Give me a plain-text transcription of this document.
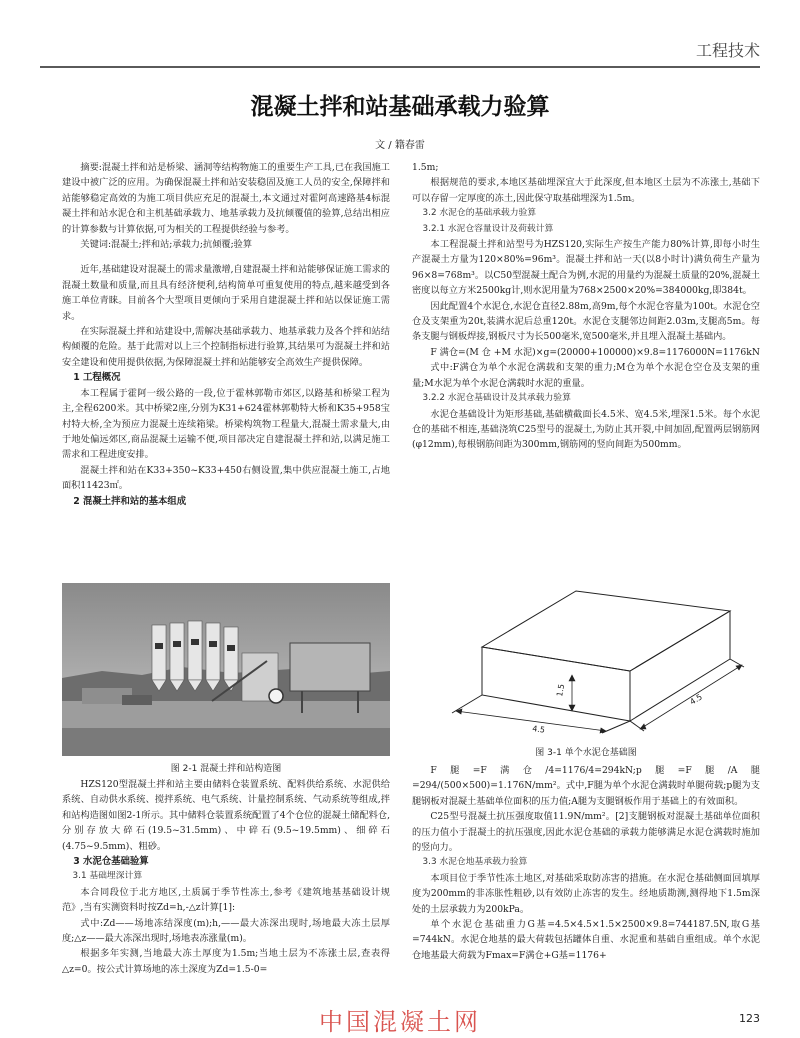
工程技术
混凝土拌和站基础承载力验算
文 / 籍春雷

摘要:混凝土拌和站是桥梁、涵洞等结构物施工的重要生产工具,已在我国施工建设中被广泛的应用。为确保混凝土拌和站安装稳固及施工人员的安全,保障拌和站能够稳定高效的为施工项目供应充足的混凝土,本文通过对霍阿高速路基4标混凝土拌和站水泥仓和主机基础承载力、地基承载力及抗倾覆值的验算,总结出相应的计算参数与计算依据,可为相关的工程提供经验与参考。

关键词:混凝土;拌和站;承载力;抗倾覆;验算

近年,基础建设对混凝土的需求量激增,自建混凝土拌和站能够保证施工需求的混凝土数量和质量,而且具有经济便利,结构简单可重复使用的特点,越来越受到各施工单位青睐。目前各个大型项目更倾向于采用自建混凝土拌和站以保证施工需求。

在实际混凝土拌和站建设中,需解决基础承载力、地基承载力及各个拌和站结构倾覆的危险。基于此需对以上三个控制指标进行验算,其结果可为混凝土拌和站安全建设和使用提供依据,为保障混凝土拌和站能够安全高效生产提供保障。

1 工程概况

本工程属于霍阿一级公路的一段,位于霍林郭勒市郊区,以路基和桥梁工程为主,全程6200米。其中桥梁2座,分别为K31+624霍林郭勒特大桥和K35+958宝村特大桥,全为预应力混凝土连续箱梁。桥梁构筑物工程量大,混凝土需求量大,由于地处偏远郊区,商品混凝土运输不便,项目部决定自建混凝土拌和站,以满足施工需求和工程进度安排。

混凝土拌和站在K33+350~K33+450右侧设置,集中供应混凝土施工,占地面积11423㎡。

2 混凝土拌和站的基本组成

图 2-1 混凝土拌和站构造图

HZS120型混凝土拌和站主要由储料仓装置系统、配料供给系统、水泥供给系统、自动供水系统、搅拌系统、电气系统、计量控制系统、气动系统等组成,拌和站构造图如图2-1所示。其中储料仓装置系统配置了4个仓位的混凝土储配料仓,分别存放大碎石(19.5~31.5mm)、中碎石(9.5~19.5mm)、细碎石(4.75~9.5mm)、粗砂。

3 水泥仓基础验算

3.1 基础埋深计算

本合同段位于北方地区,土质属于季节性冻土,参考《建筑地基基础设计规范》,当有实测资料时按Zd=h,-△z计算[1]:

式中:Zd——场地冻结深度(m);h,——最大冻深出现时,场地最大冻土层厚度;△z——最大冻深出现时,场地表冻涨量(m)。

根据多年实测,当地最大冻土厚度为1.5m;当地土层为不冻涨土层,查表得△z=0。按公式计算场地的冻土深度为Zd=1.5-0=

1.5m;

根据规范的要求,本地区基础埋深宜大于此深度,但本地区土层为不冻涨土,基础下可以存留一定厚度的冻土,因此保守取基础埋深为1.5m。

3.2 水泥仓的基础承载力验算

3.2.1 水泥仓容量设计及荷载计算

本工程混凝土拌和站型号为HZS120,实际生产按生产能力80%计算,即每小时生产混凝土方量为120×80%=96m³。混凝土拌和站一天(以8小时计)满负荷生产量为96×8=768m³。以C50型混凝土配合为例,水泥的用量约为混凝土质量的20%,混凝土密度以每立方米2500kg计,则水泥用量为768×2500×20%=384000kg,即384t。

因此配置4个水泥仓,水泥仓直径2.88m,高9m,每个水泥仓容量为100t。水泥仓空仓及支架重为20t,装满水泥后总重120t。水泥仓支腿邻边间距2.03m,支腿高5m。每条支腿与钢板焊接,钢板尺寸为长500毫米,宽500毫米,并且埋入混凝土基础内。

F 满仓=(M 仓 +M 水泥)×g=(20000+100000)×9.8=1176000N=1176kN

式中:F满仓为单个水泥仓满载和支架的重力;M仓为单个水泥仓空仓及支架的重量;M水泥为单个水泥仓满载时水泥的重量。

3.2.2 水泥仓基础设计及其承载力验算

水泥仓基础设计为矩形基础,基础横截面长4.5米、宽4.5米,埋深1.5米。每个水泥仓的基础不相连,基础浇筑C25型号的混凝土,为防止其开裂,中间加固,配置两层钢筋网(φ12mm),每根钢筋间距为300mm,钢筋网的竖向间距为500mm。

4.5
4.5
1.5
图 3-1 单个水泥仓基础图

F腿=F满仓/4=1176/4=294kN;p腿=F腿/A腿=294/(500×500)=1.176N/mm²。式中,F腿为单个水泥仓满载时单腿荷载;p腿为支腿钢板对混凝土基础单位面积的压力值;A腿为支腿钢板作用于基础上的有效面积。

C25型号混凝土抗压强度取值11.9N/mm²。[2]支腿钢板对混凝土基础单位面积的压力值小于混凝土的抗压强度,因此水泥仓基础的承载力能够满足水泥仓满载时施加的竖向力。

3.3 水泥仓地基承载力验算

本项目位于季节性冻土地区,对基础采取防冻害的措施。在水泥仓基础侧面回填厚度为200mm的非冻胀性粗砂,以有效防止冻害的发生。经地质勘测,测得地下1.5m深处的土层承载力为200kPa。

单个水泥仓基础重力G基=4.5×4.5×1.5×2500×9.8=744187.5N,取G基=744kN。水泥仓地基的最大荷载包括罐体自重、水泥重和基础自重组成。单个水泥仓地基最大荷载为Fmax=F满仓+G基=1176+

中国混凝土网	123
